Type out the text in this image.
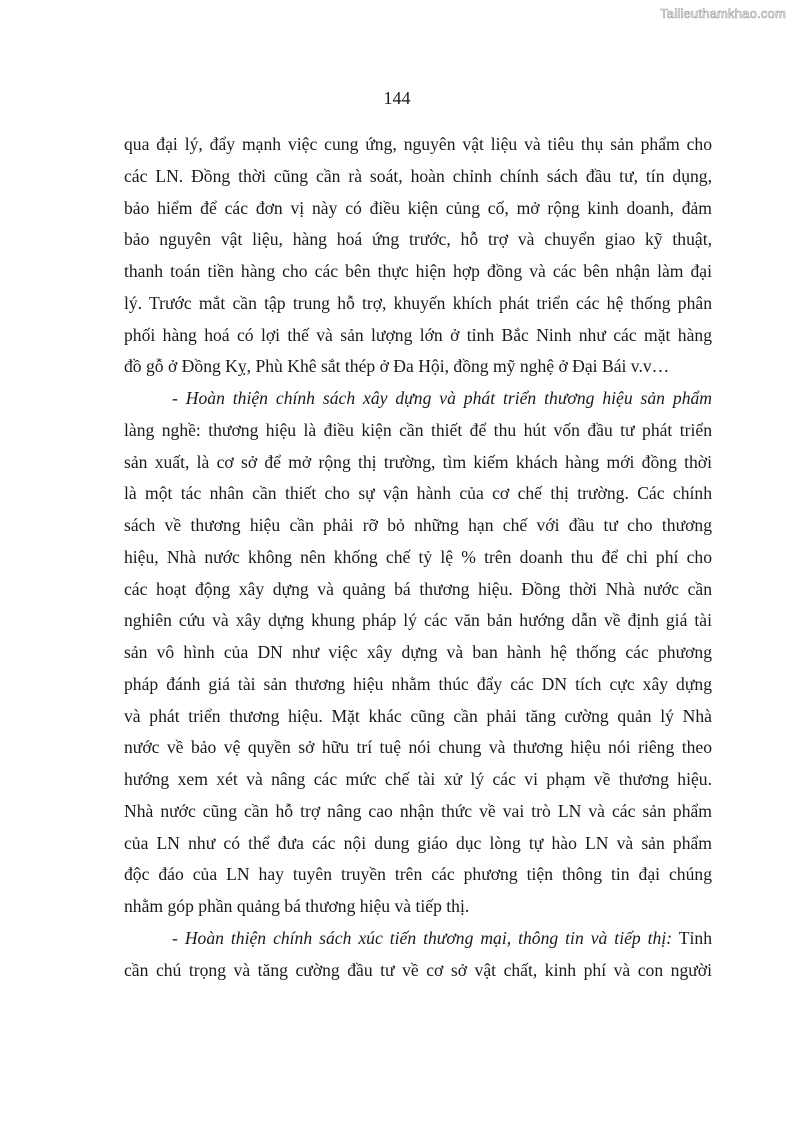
Tailieuthamkhao.com
144

qua đại lý, đẩy mạnh việc cung ứng, nguyên vật liệu và tiêu thụ sản phẩm cho
các LN. Đồng thời cũng cần rà soát, hoàn chỉnh chính sách đầu tư, tín dụng,
bảo hiểm để các đơn vị này có điều kiện củng cố, mở rộng kinh doanh, đảm
bảo nguyên vật liệu, hàng hoá ứng trước, hỗ trợ và chuyển giao kỹ thuật,
thanh toán tiền hàng cho các bên thực hiện hợp đồng và các bên nhận làm đại
lý. Trước mắt cần tập trung hỗ trợ, khuyến khích phát triển các hệ thống phân
phối hàng hoá có lợi thế và sản lượng lớn ở tỉnh Bắc Ninh như các mặt hàng
đồ gỗ ở Đồng Kỵ, Phù Khê sắt thép ở Đa Hội, đồng mỹ nghệ ở Đại Bái v.v…

- Hoàn thiện chính sách xây dựng và phát triển thương hiệu sản phẩm
làng nghề: thương hiệu là điều kiện cần thiết để thu hút vốn đầu tư phát triển
sản xuất, là cơ sở để mở rộng thị trường, tìm kiếm khách hàng mới đồng thời
là một tác nhân cần thiết cho sự vận hành của cơ chế thị trường. Các chính
sách về thương hiệu cần phải rỡ bỏ những hạn chế với đầu tư cho thương
hiệu, Nhà nước không nên khống chế tỷ lệ % trên doanh thu để chi phí cho
các hoạt động xây dựng và quảng bá thương hiệu. Đồng thời Nhà nước cần
nghiên cứu và xây dựng khung pháp lý các văn bản hướng dẫn về định giá tài
sản vô hình của DN như việc xây dựng và ban hành hệ thống các phương
pháp đánh giá tài sản thương hiệu nhằm thúc đẩy các DN tích cực xây dựng
và phát triển thương hiệu. Mặt khác cũng cần phải tăng cường quản lý Nhà
nước về bảo vệ quyền sở hữu trí tuệ nói chung và thương hiệu nói riêng theo
hướng xem xét và nâng các mức chế tài xử lý các vi phạm về thương hiệu.
Nhà nước cũng cần hỗ trợ nâng cao nhận thức về vai trò LN và các sản phẩm
của LN như có thể đưa các nội dung giáo dục lòng tự hào LN và sản phẩm
độc đáo của LN hay tuyên truyền trên các phương tiện thông tin đại chúng
nhằm góp phần quảng bá thương hiệu và tiếp thị.

- Hoàn thiện chính sách xúc tiến thương mại, thông tin và tiếp thị: Tỉnh
cần chú trọng và tăng cường đầu tư về cơ sở vật chất, kinh phí và con người
